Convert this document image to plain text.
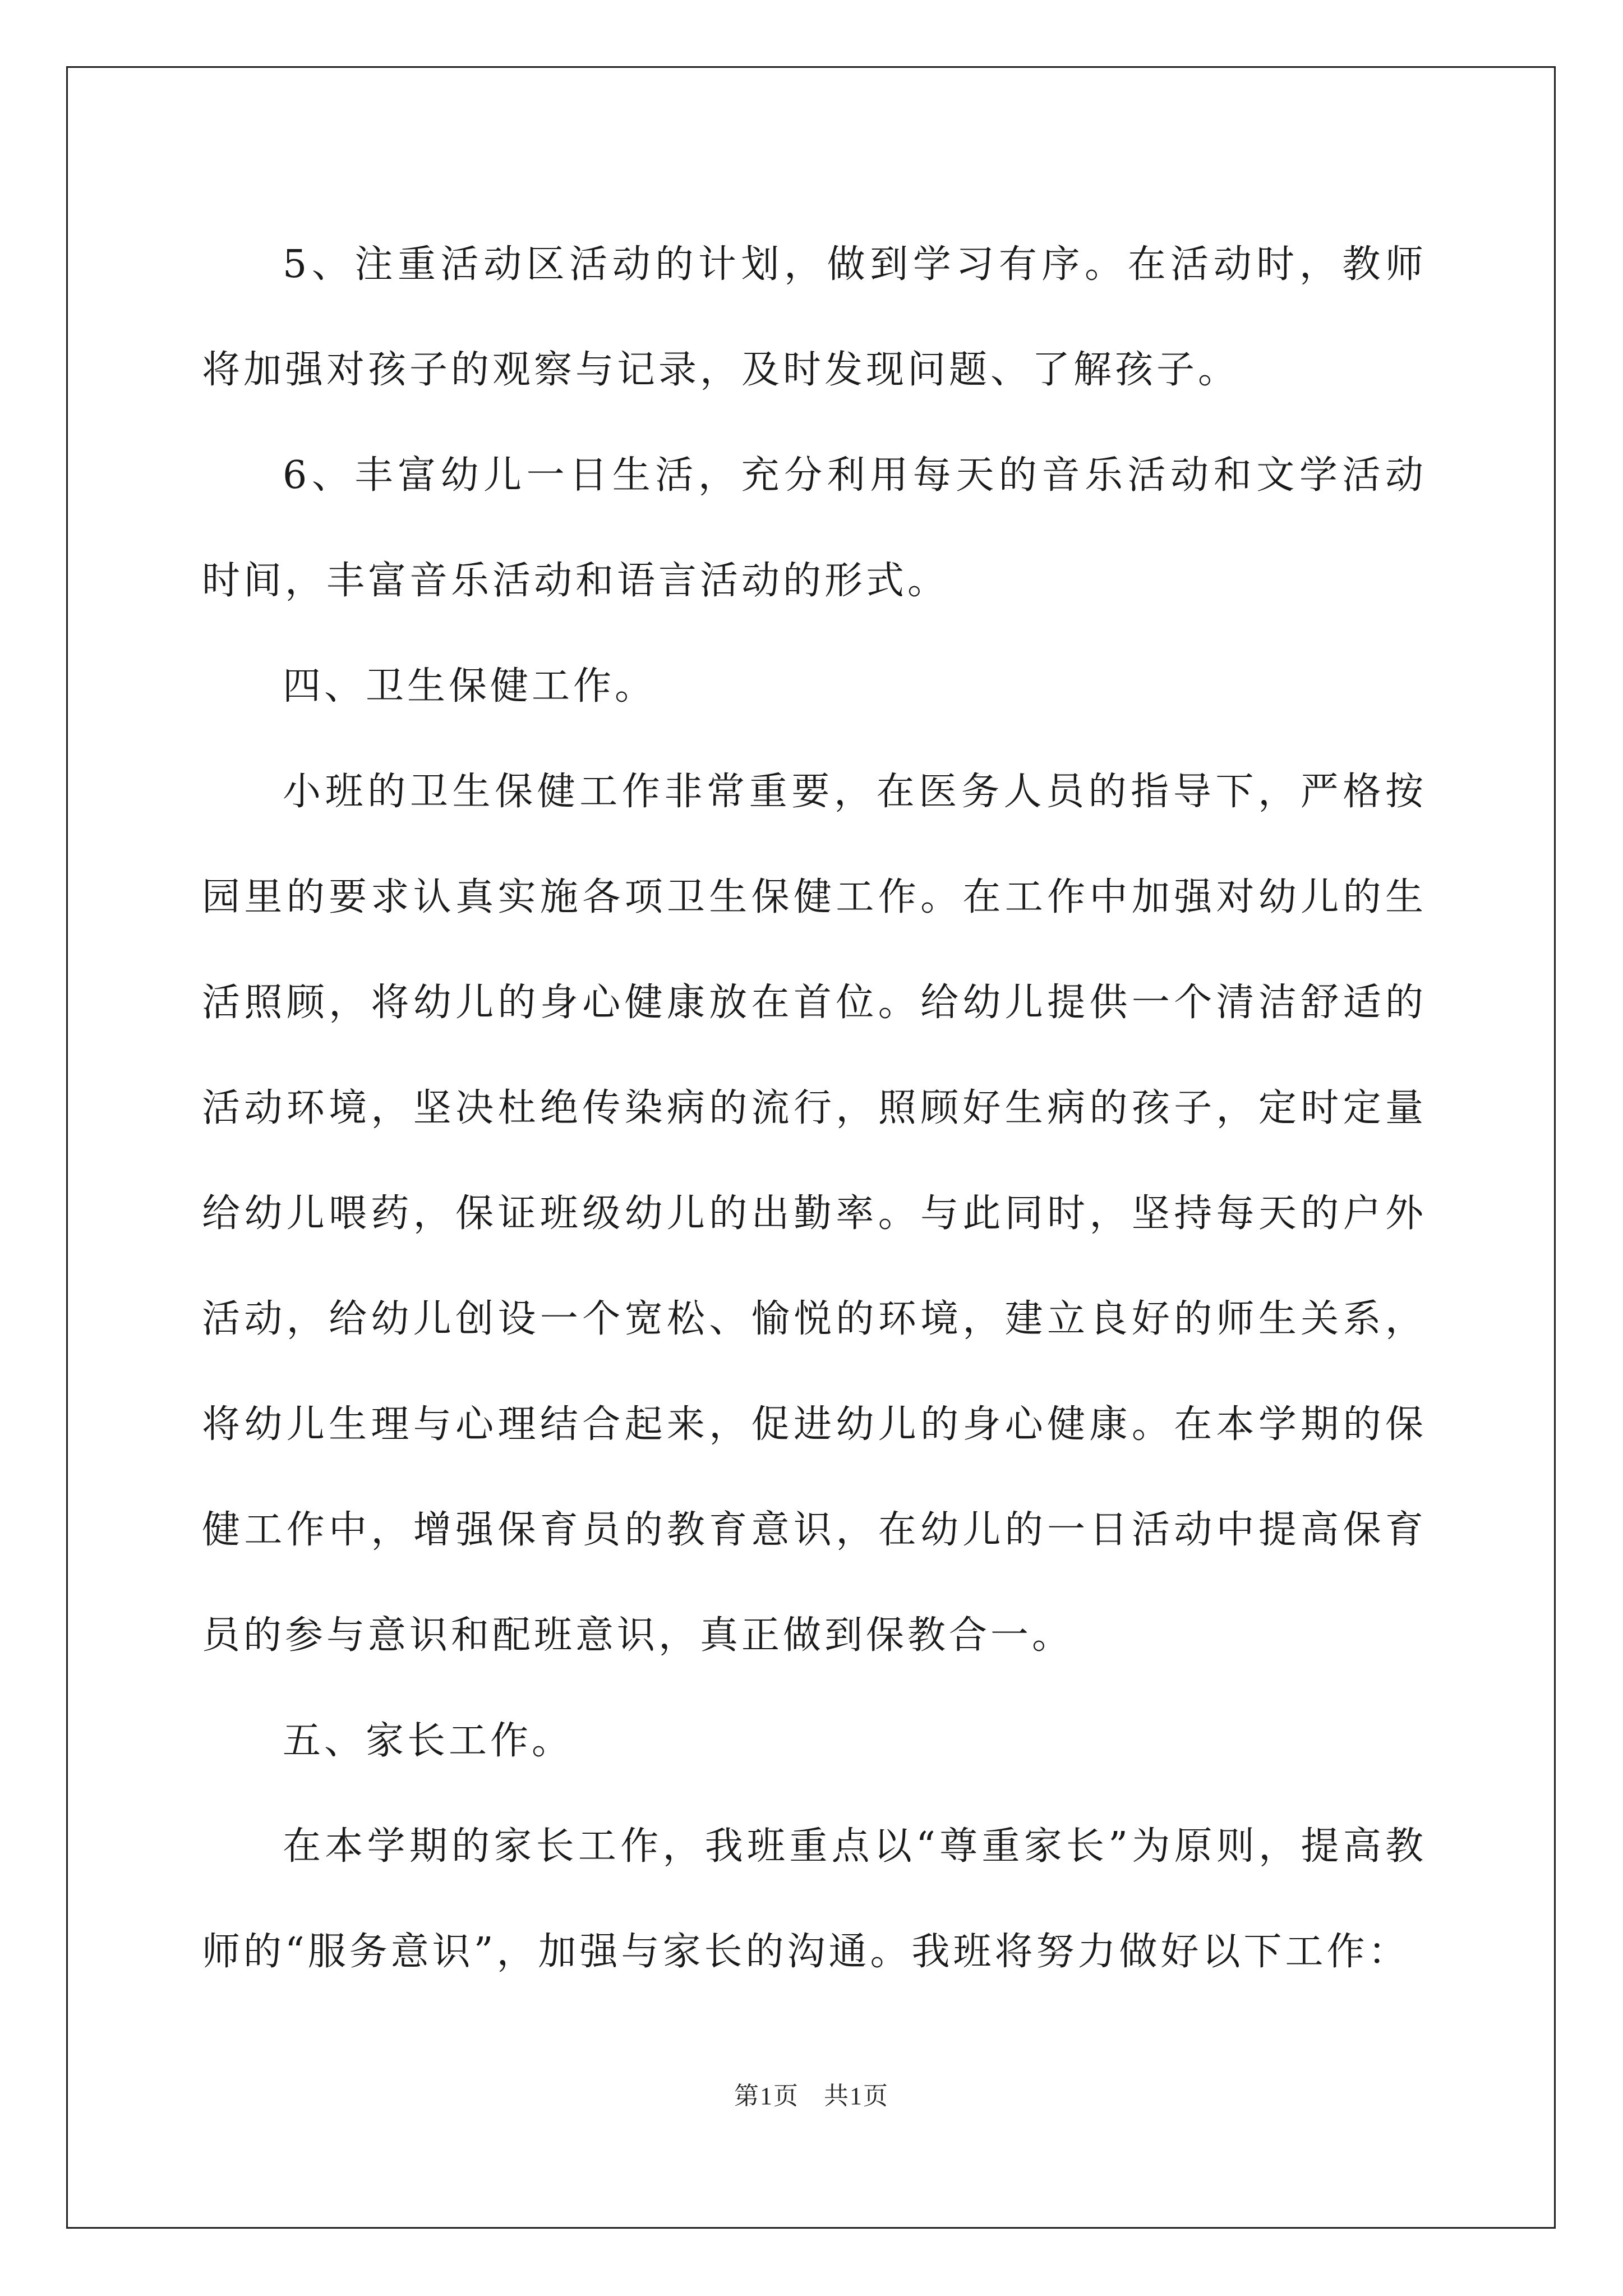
5、注重活动区活动的计划，做到学习有序。在活动时，教师将加强对孩子的观察与记录，及时发现问题、了解孩子。

6、丰富幼儿一日生活，充分利用每天的音乐活动和文学活动时间，丰富音乐活动和语言活动的形式。

四、卫生保健工作。

小班的卫生保健工作非常重要，在医务人员的指导下，严格按园里的要求认真实施各项卫生保健工作。在工作中加强对幼儿的生活照顾，将幼儿的身心健康放在首位。给幼儿提供一个清洁舒适的活动环境，坚决杜绝传染病的流行，照顾好生病的孩子，定时定量给幼儿喂药，保证班级幼儿的出勤率。与此同时，坚持每天的户外活动，给幼儿创设一个宽松、愉悦的环境，建立良好的师生关系，将幼儿生理与心理结合起来，促进幼儿的身心健康。在本学期的保健工作中，增强保育员的教育意识，在幼儿的一日活动中提高保育员的参与意识和配班意识，真正做到保教合一。

五、家长工作。

在本学期的家长工作，我班重点以“尊重家长”为原则，提高教师的“服务意识”，加强与家长的沟通。我班将努力做好以下工作：

第1页 共1页
